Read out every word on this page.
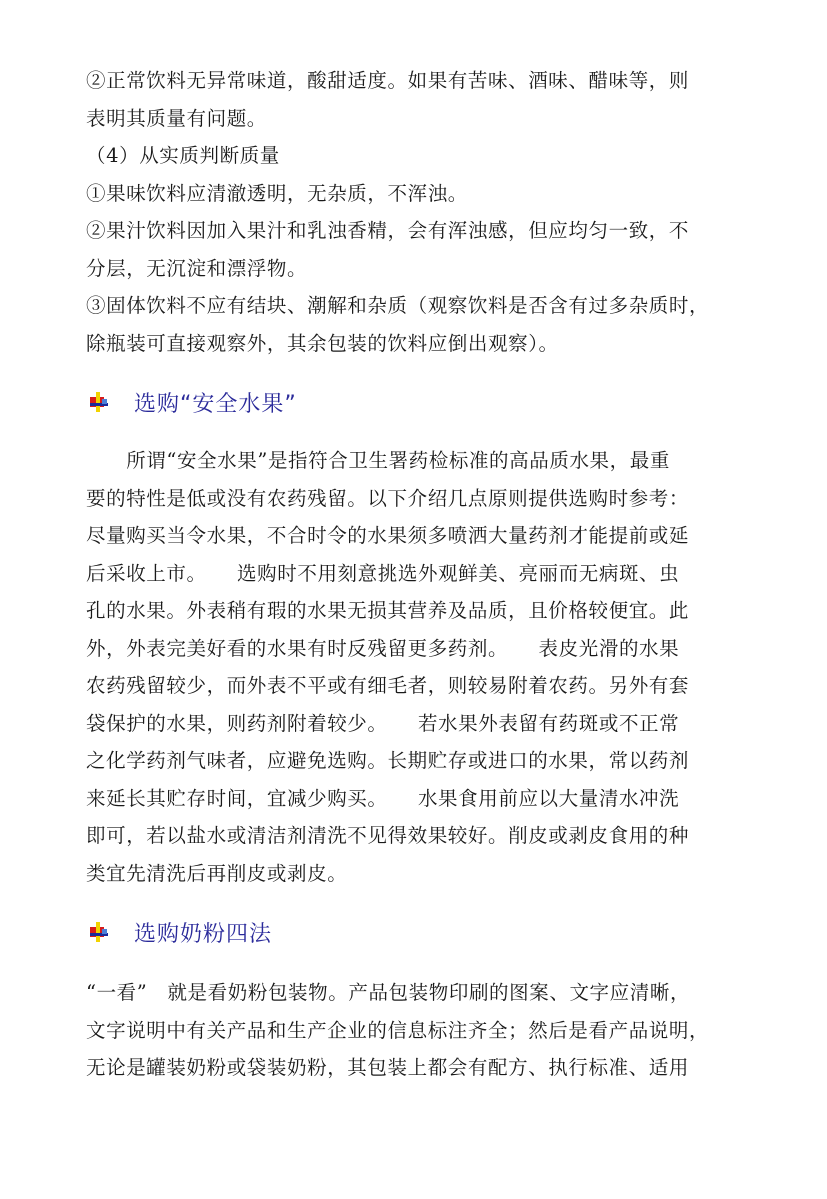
②正常饮料无异常味道，酸甜适度。如果有苦味、酒味、醋味等，则
表明其质量有问题。
（4）从实质判断质量
①果味饮料应清澈透明，无杂质，不浑浊。
②果汁饮料因加入果汁和乳浊香精，会有浑浊感，但应均匀一致，不
分层，无沉淀和漂浮物。
③固体饮料不应有结块、潮解和杂质（观察饮料是否含有过多杂质时，
除瓶装可直接观察外，其余包装的饮料应倒出观察）。
选购“安全水果”
　　所谓“安全水果”是指符合卫生署药检标准的高品质水果，最重
要的特性是低或没有农药残留。以下介绍几点原则提供选购时参考：
尽量购买当令水果，不合时令的水果须多喷洒大量药剂才能提前或延
后采收上市。　　选购时不用刻意挑选外观鲜美、亮丽而无病斑、虫
孔的水果。外表稍有瑕的水果无损其营养及品质，且价格较便宜。此
外，外表完美好看的水果有时反残留更多药剂。　　表皮光滑的水果
农药残留较少，而外表不平或有细毛者，则较易附着农药。另外有套
袋保护的水果，则药剂附着较少。　　若水果外表留有药斑或不正常
之化学药剂气味者，应避免选购。长期贮存或进口的水果，常以药剂
来延长其贮存时间，宜减少购买。　　水果食用前应以大量清水冲洗
即可，若以盐水或清洁剂清洗不见得效果较好。削皮或剥皮食用的种
类宜先清洗后再削皮或剥皮。
选购奶粉四法
“一看”　就是看奶粉包装物。产品包装物印刷的图案、文字应清晰，
文字说明中有关产品和生产企业的信息标注齐全；然后是看产品说明，
无论是罐装奶粉或袋装奶粉，其包装上都会有配方、执行标准、适用
